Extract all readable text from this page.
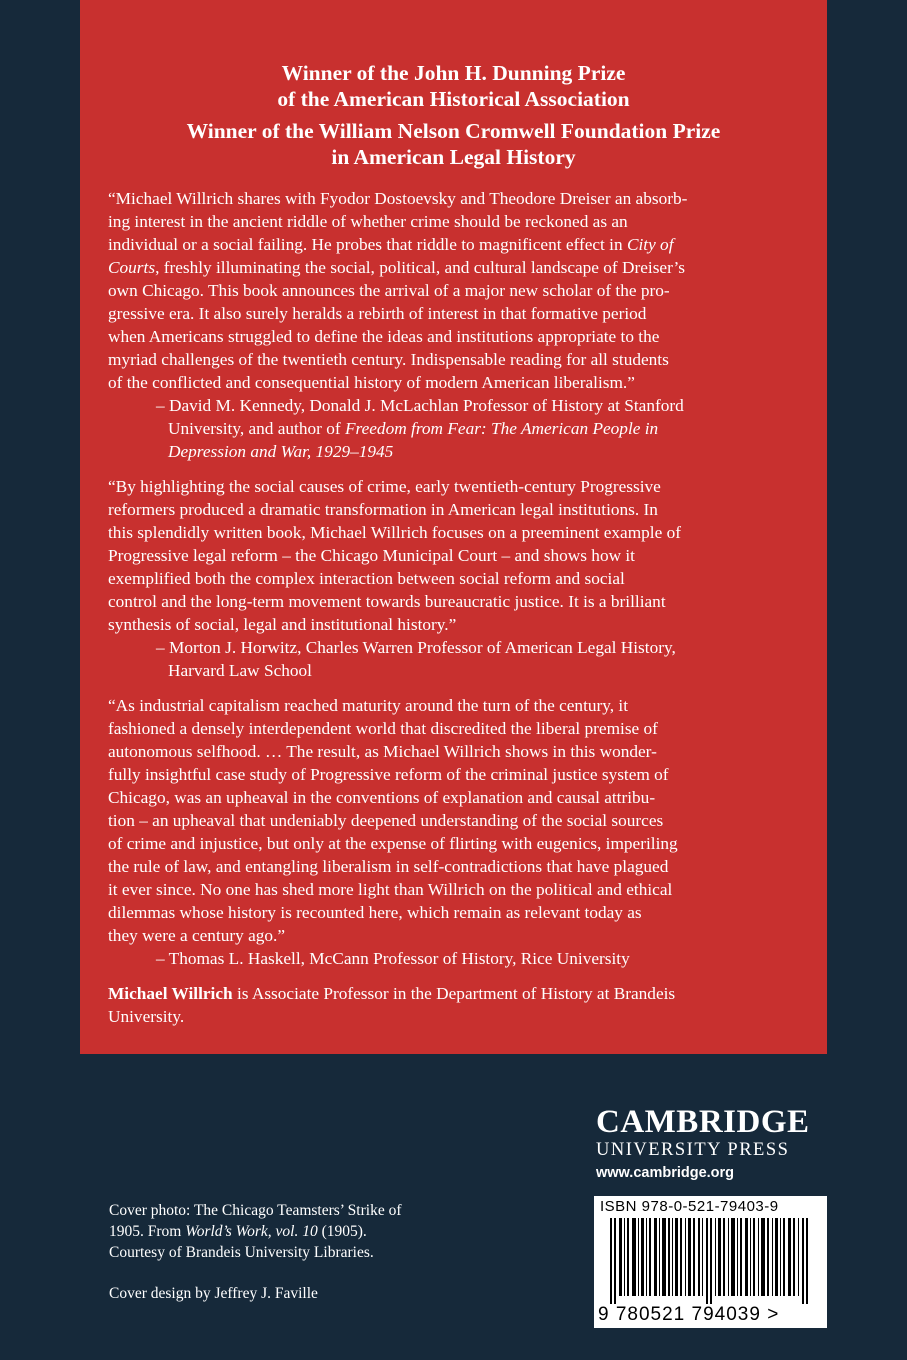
Winner of the John H. Dunning Prize
of the American Historical Association
Winner of the William Nelson Cromwell Foundation Prize
in American Legal History
“Michael Willrich shares with Fyodor Dostoevsky and Theodore Dreiser an absorb-
ing interest in the ancient riddle of whether crime should be reckoned as an
individual or a social failing. He probes that riddle to magnificent effect in City of
Courts, freshly illuminating the social, political, and cultural landscape of Dreiser’s
own Chicago. This book announces the arrival of a major new scholar of the pro-
gressive era. It also surely heralds a rebirth of interest in that formative period
when Americans struggled to define the ideas and institutions appropriate to the
myriad challenges of the twentieth century. Indispensable reading for all students
of the conflicted and consequential history of modern American liberalism.”
– David M. Kennedy, Donald J. McLachlan Professor of History at Stanford
University, and author of Freedom from Fear: The American People in
Depression and War, 1929–1945
“By highlighting the social causes of crime, early twentieth-century Progressive
reformers produced a dramatic transformation in American legal institutions. In
this splendidly written book, Michael Willrich focuses on a preeminent example of
Progressive legal reform – the Chicago Municipal Court – and shows how it
exemplified both the complex interaction between social reform and social
control and the long-term movement towards bureaucratic justice. It is a brilliant
synthesis of social, legal and institutional history.”
– Morton J. Horwitz, Charles Warren Professor of American Legal History,
Harvard Law School
“As industrial capitalism reached maturity around the turn of the century, it
fashioned a densely interdependent world that discredited the liberal premise of
autonomous selfhood. … The result, as Michael Willrich shows in this wonder-
fully insightful case study of Progressive reform of the criminal justice system of
Chicago, was an upheaval in the conventions of explanation and causal attribu-
tion – an upheaval that undeniably deepened understanding of the social sources
of crime and injustice, but only at the expense of flirting with eugenics, imperiling
the rule of law, and entangling liberalism in self-contradictions that have plagued
it ever since. No one has shed more light than Willrich on the political and ethical
dilemmas whose history is recounted here, which remain as relevant today as
they were a century ago.”
– Thomas L. Haskell, McCann Professor of History, Rice University
Michael Willrich is Associate Professor in the Department of History at Brandeis
University.
CAMBRIDGE
UNIVERSITY PRESS
www.cambridge.org
Cover photo: The Chicago Teamsters’ Strike of
1905. From World’s Work, vol. 10 (1905).
Courtesy of Brandeis University Libraries.
Cover design by Jeffrey J. Faville
ISBN 978-0-521-79403-9
9 780521 794039 >
